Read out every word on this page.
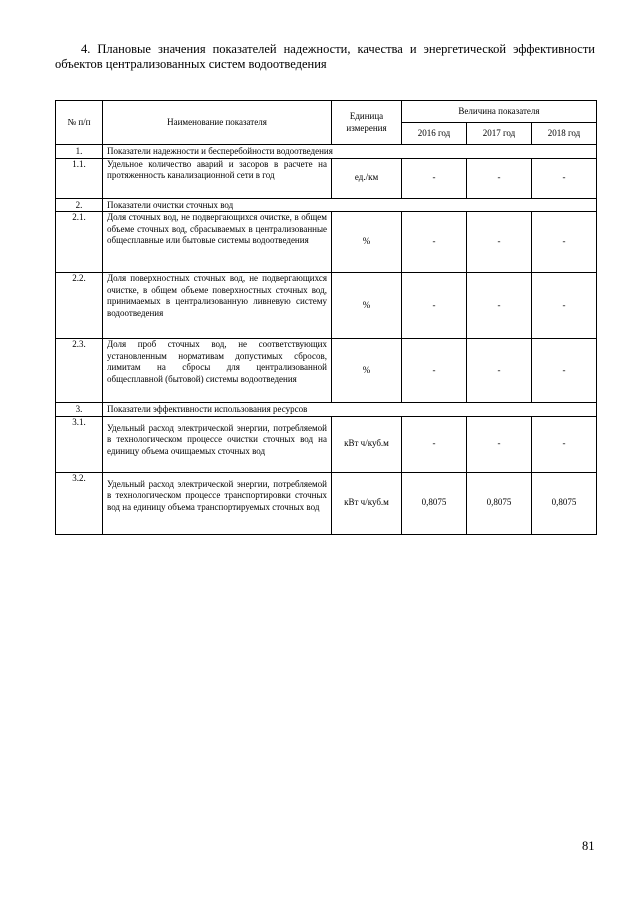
4. Плановые значения показателей надежности, качества и энергетической эффективности объектов централизованных систем водоотведения
№ п/п	Наименование показателя	Единица измерения	Величина показателя		
			2016 год	2017 год	2018 год
1.	Показатели надежности и бесперебойности водоотведения				
1.1.	Удельное количество аварий и засоров в расчете на протяженность канализационной сети в год	ед./км	-	-	-
2.	Показатели очистки сточных вод				
2.1.	Доля сточных вод, не подвергающихся очистке, в общем объеме сточных вод, сбрасываемых в централизованные общесплавные или бытовые системы водоотведения	%	-	-	-
2.2.	Доля поверхностных сточных вод, не подвергающихся очистке, в общем объеме поверхностных сточных вод, принимаемых в централизованную ливневую систему водоотведения	%	-	-	-
2.3.	Доля проб сточных вод, не соответствующих установленным нормативам допустимых сбросов, лимитам на сбросы для централизованной общесплавной (бытовой) системы водоотведения	%	-	-	-
3.	Показатели эффективности использования ресурсов				
3.1.	Удельный расход электрической энергии, потребляемой в технологическом процессе очистки сточных вод на единицу объема очищаемых сточных вод	кВт ч/куб.м	-	-	-
3.2.	Удельный расход электрической энергии, потребляемой в технологическом процессе транспортировки сточных вод на единицу объема транспортируемых сточных вод	кВт ч/куб.м	0,8075	0,8075	0,8075
81
